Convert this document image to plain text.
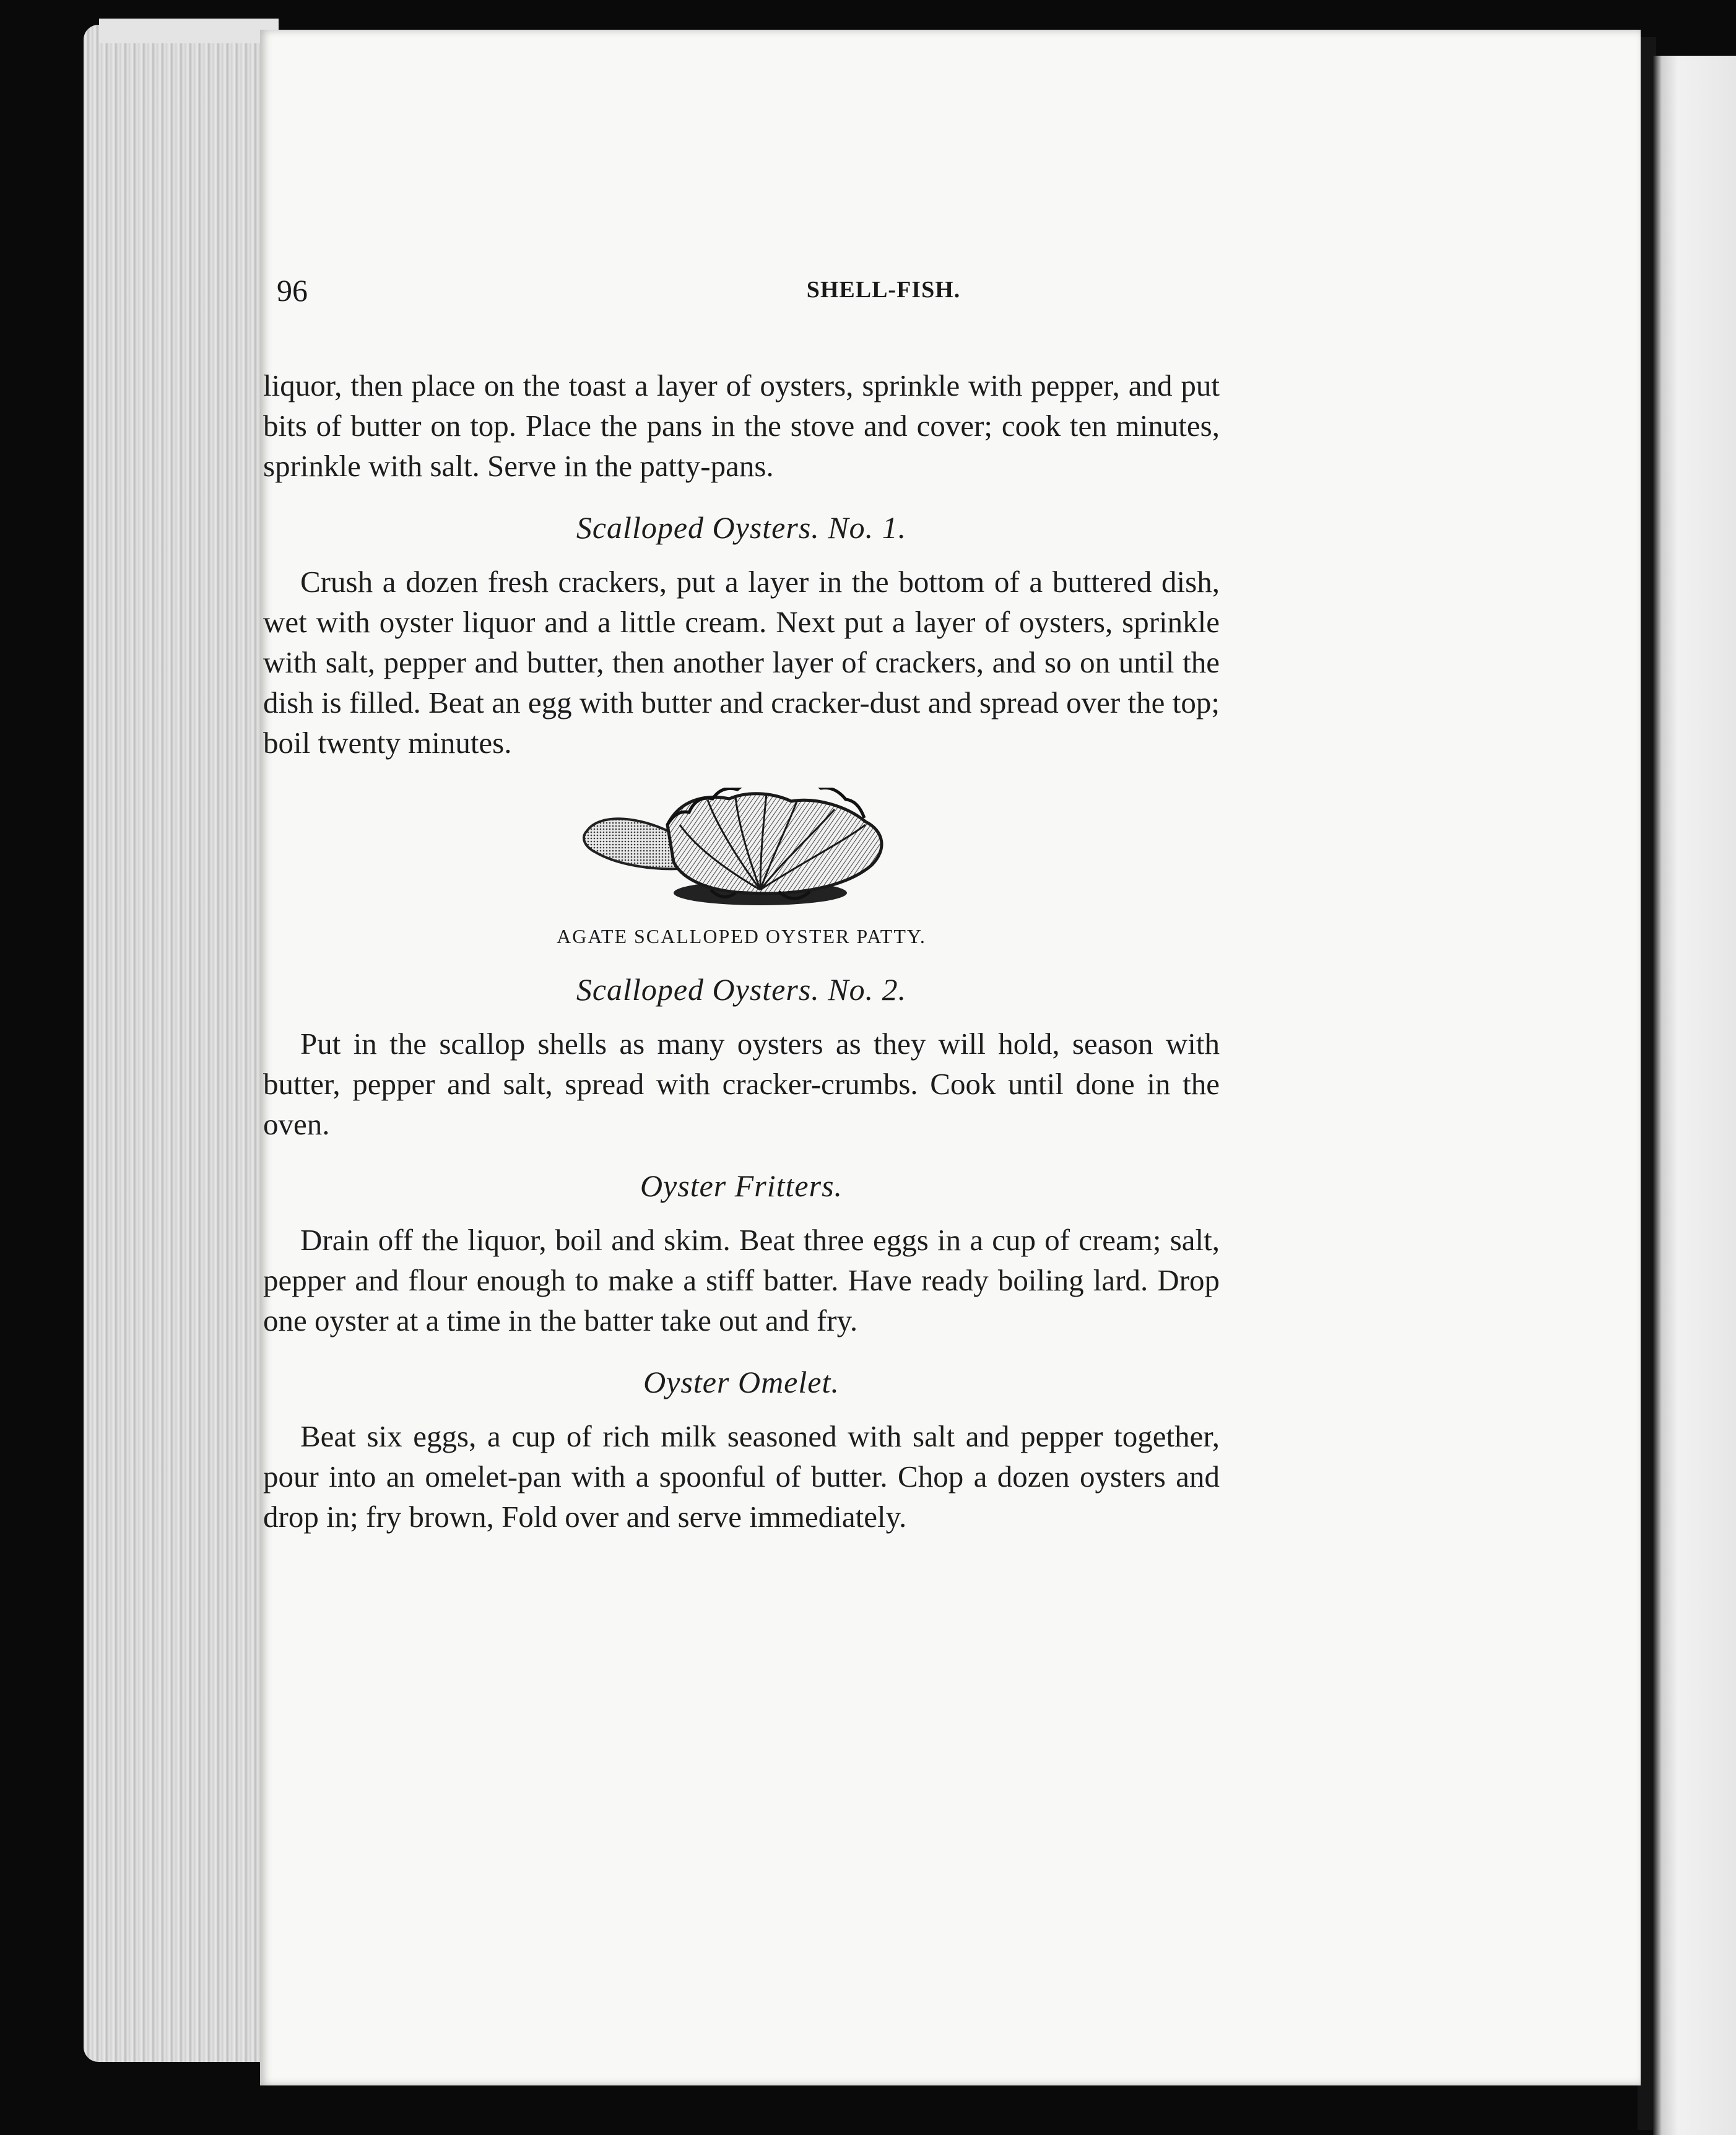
96	SHELL-FISH.

liquor, then place on the toast a layer of oysters, sprinkle with pepper, and put bits of butter on top. Place the pans in the stove and cover; cook ten minutes, sprinkle with salt. Serve in the patty-pans.

Scalloped Oysters. No. 1.

Crush a dozen fresh crackers, put a layer in the bottom of a buttered dish, wet with oyster liquor and a little cream. Next put a layer of oysters, sprinkle with salt, pepper and butter, then another layer of crackers, and so on until the dish is filled. Beat an egg with butter and cracker-dust and spread over the top; boil twenty minutes.

AGATE SCALLOPED OYSTER PATTY.
Scalloped Oysters. No. 2.

Put in the scallop shells as many oysters as they will hold, season with butter, pepper and salt, spread with cracker-crumbs. Cook until done in the oven.

Oyster Fritters.

Drain off the liquor, boil and skim. Beat three eggs in a cup of cream; salt, pepper and flour enough to make a stiff batter. Have ready boiling lard. Drop one oyster at a time in the batter take out and fry.

Oyster Omelet.

Beat six eggs, a cup of rich milk seasoned with salt and pepper together, pour into an omelet-pan with a spoonful of butter. Chop a dozen oysters and drop in; fry brown, Fold over and serve immediately.
